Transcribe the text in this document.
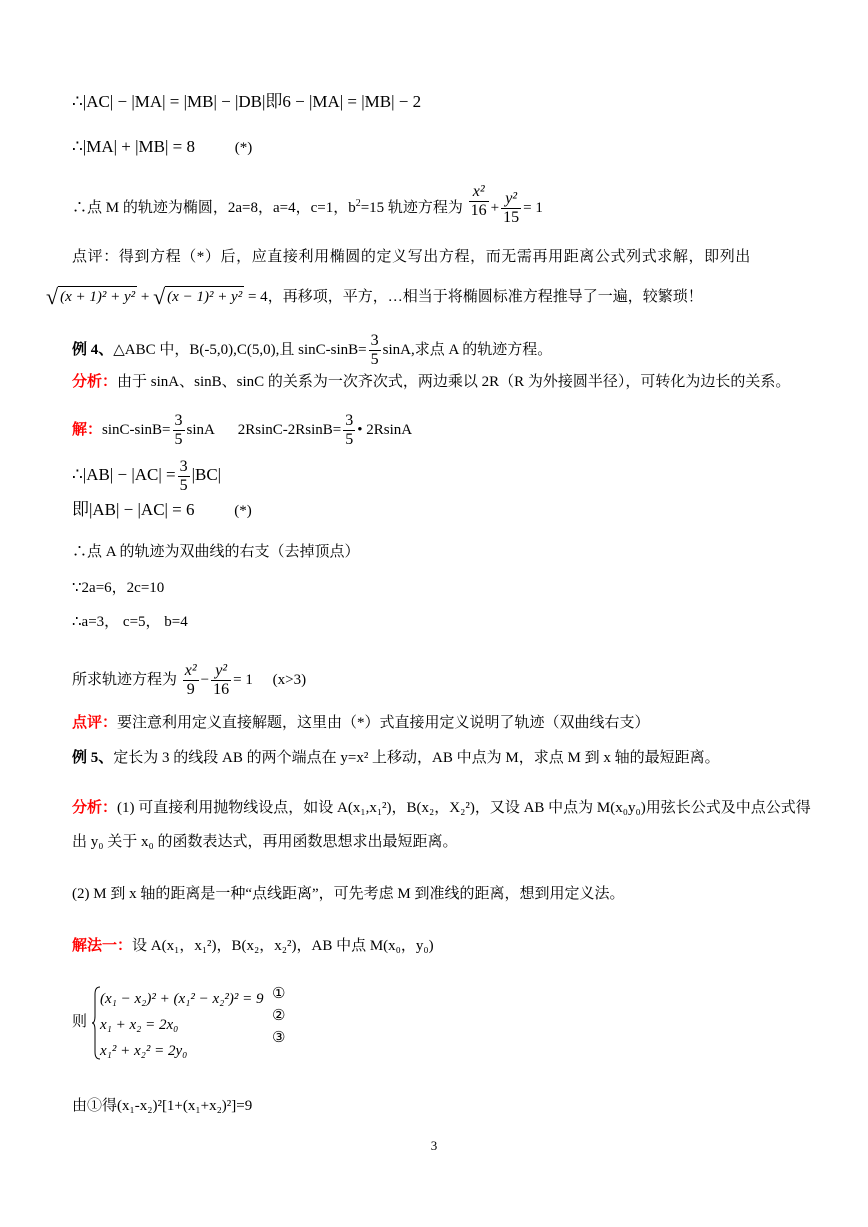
∴|AC| − |MA| = |MB| − |DB|即6 − |MA| = |MB| − 2
∴|MA| + |MB| = 8	(*)
∴点 M 的轨迹为椭圆，2a=8，a=4，c=1，$b^2=15$ 轨迹方程为 $\frac{\text{x²}}{16} + \frac{\text{y²}}{15} = 1$
点评：得到方程（*）后，应直接利用椭圆的定义写出方程，而无需再用距离公式列式求解，即列出
√ (x + 1)² + y² + √ (x − 1)² + y² = 4，再移项，平方，…相当于将椭圆标准方程推导了一遍，较繁琐！
例 4、△ABC 中，B(-5,0),C(5,0),且 $\sin C-\sin B= \frac{3}{5} \sin A$,求点 A 的轨迹方程。
分析：由于 sinA、sinB、sinC 的关系为一次齐次式，两边乘以 2R（R 为外接圆半径），可转化为边长的关系。
解：$\sin C-\sin B= \frac{3}{5}$ sinA $2RsinC-2RsinB= \frac{3}{5}$ • 2RsinA
∴|AB| − $|AC| = \frac{3}{5} |BC|$
即|AB| − |AC| = 6	(*)
∴点 A 的轨迹为双曲线的右支（去掉顶点）
∵2a=6，2c=10
∴a=3， c=5， b=4
所求轨迹方程为 $\frac{\text{x²}}{9} - \frac{\text{y²}}{16} = 1$ (x>3)
点评：要注意利用定义直接解题，这里由（*）式直接用定义说明了轨迹（双曲线右支）
例 5、定长为 3 的线段 AB 的两个端点在 y=x² 上移动，AB 中点为 M，求点 M 到 x 轴的最短距离。
分析：(1) 可直接利用抛物线设点，如设 A(x₁,x₁²)，B(x₂，X₂²)，又设 AB 中点为 M(x₀y₀)用弦长公式及中点公式得
出 y₀ 关于 x₀ 的函数表达式，再用函数思想求出最短距离。
(2) M 到 x 轴的距离是一种“点线距离”，可先考虑 M 到准线的距离，想到用定义法。
解法一：设 A(x₁，x₁²)，B(x₂，x₂²)，AB 中点 M(x₀，y₀)
则
(x₁ − x₂)² + (x₁² − x₂²)² = 9
x₁ + x₂ = 2x₀
x₁² + x₂² = 2y₀
①
②
③
由①得(x₁-x₂)²[1+(x₁+x₂)²]=9
3
